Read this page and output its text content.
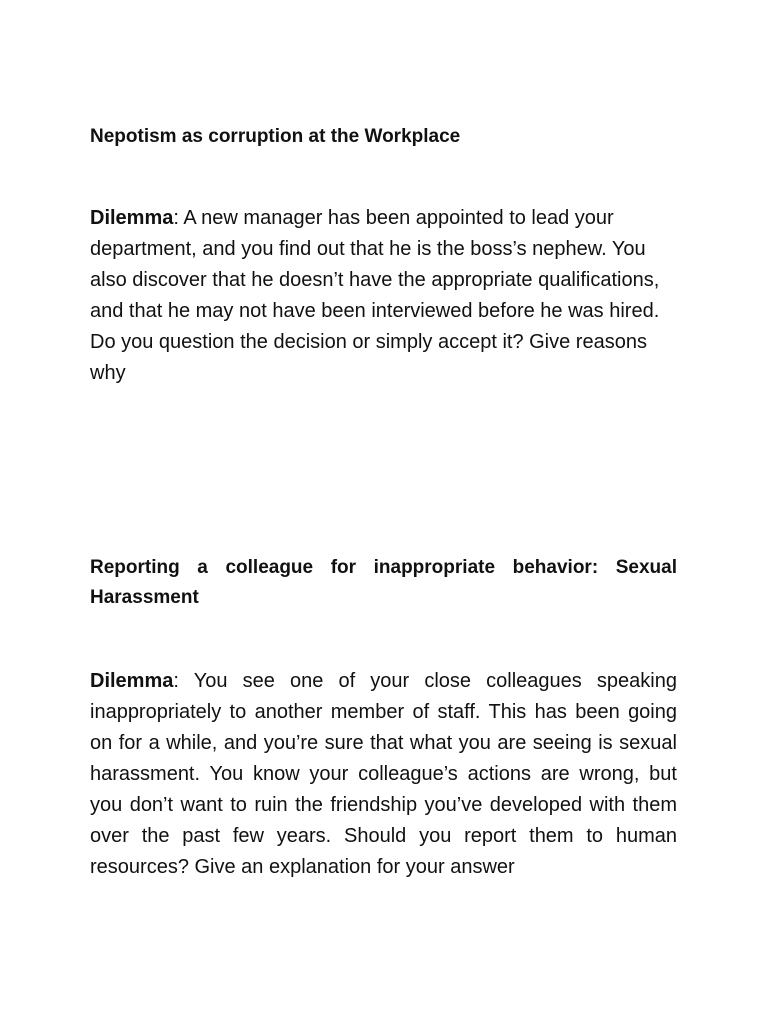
Nepotism as corruption at the Workplace

Dilemma: A new manager has been appointed to lead your department, and you find out that he is the boss’s nephew. You also discover that he doesn’t have the appropriate qualifications, and that he may not have been interviewed before he was hired. Do you question the decision or simply accept it? Give reasons why

Reporting a colleague for inappropriate behavior: Sexual Harassment

Dilemma: You see one of your close colleagues speaking inappropriately to another member of staff. This has been going on for a while, and you’re sure that what you are seeing is sexual harassment. You know your colleague’s actions are wrong, but you don’t want to ruin the friendship you’ve developed with them over the past few years. Should you report them to human resources? Give an explanation for your answer
